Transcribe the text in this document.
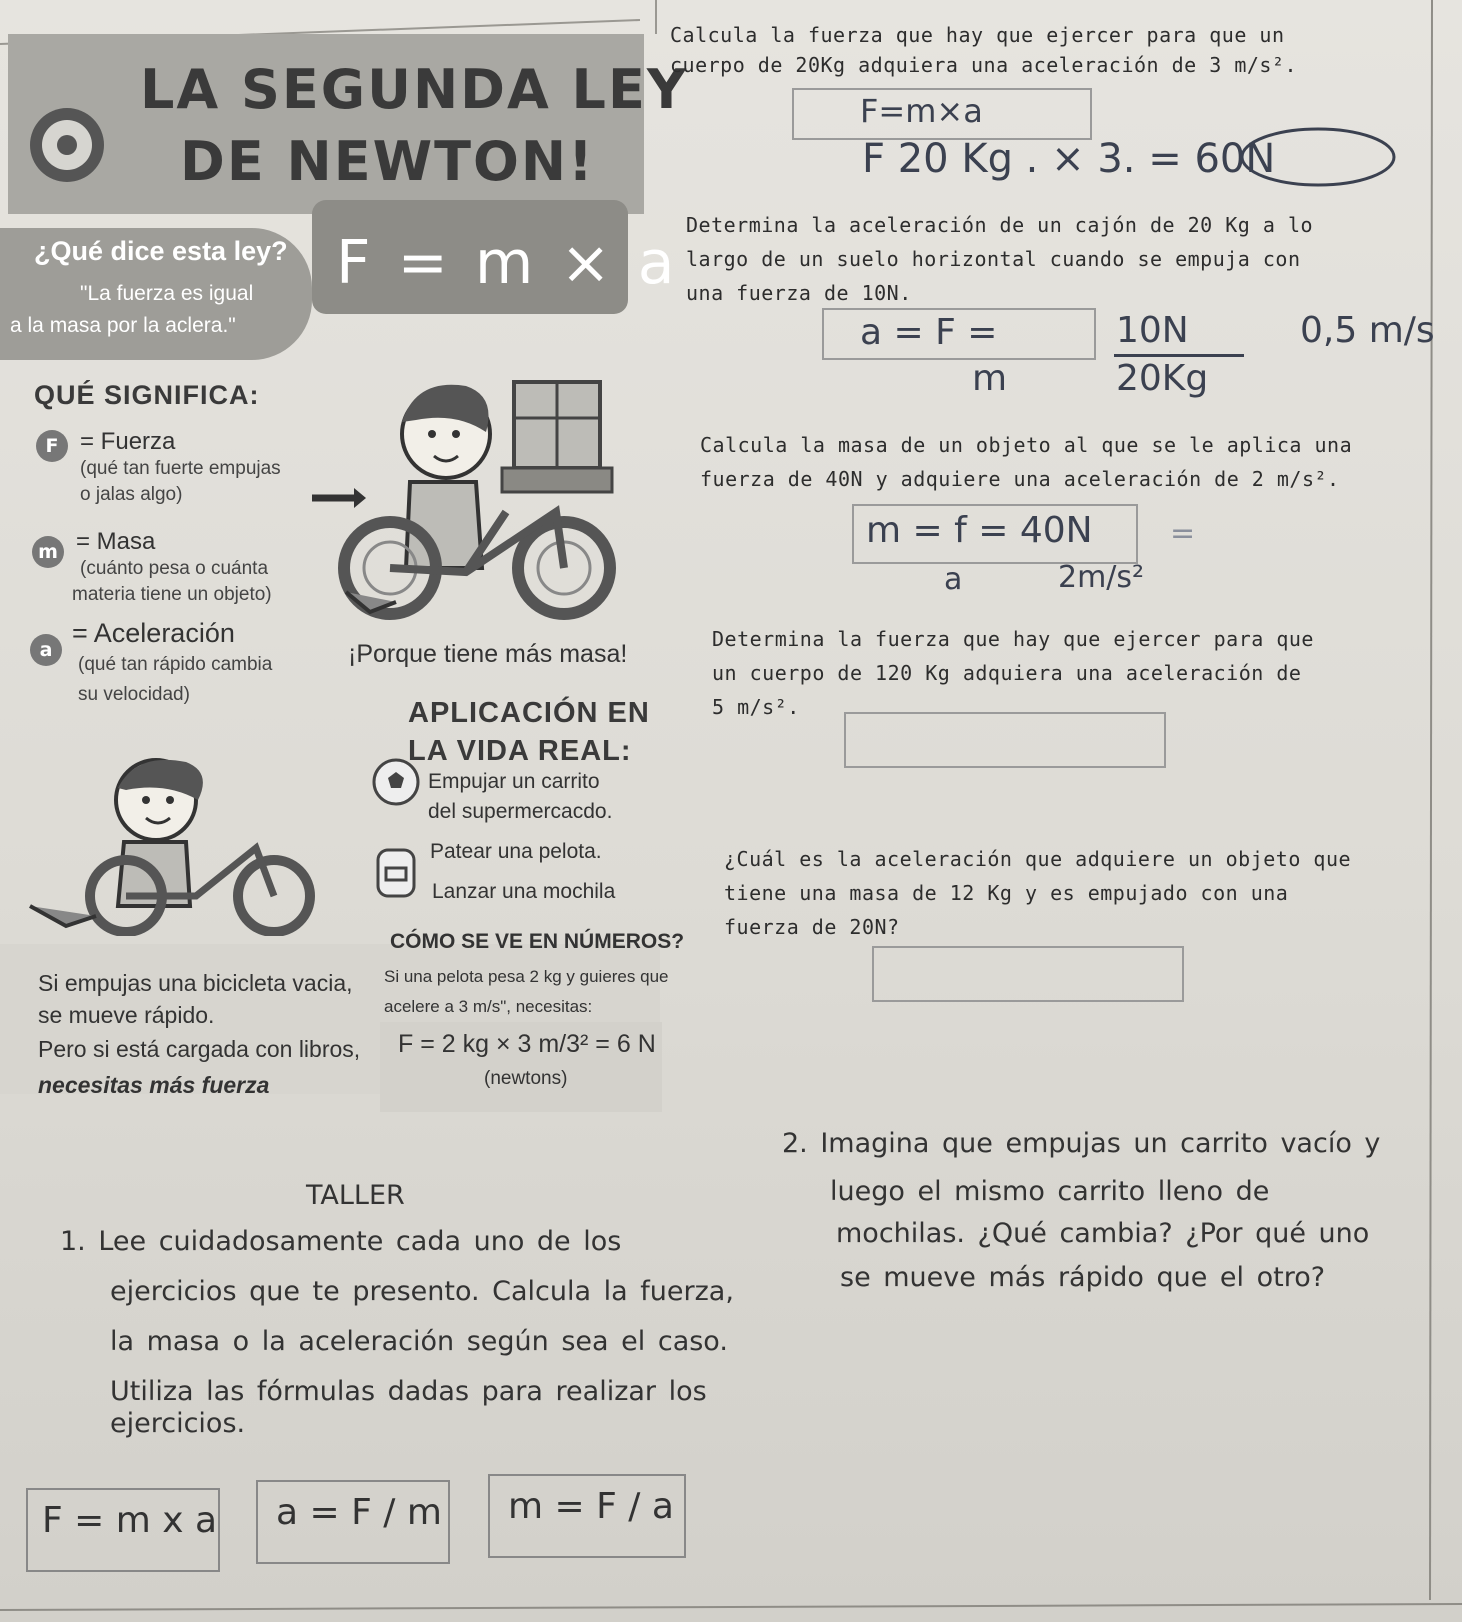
LA SEGUNDA LEY
DE NEWTON!
¿Qué dice esta ley?
"La fuerza es igual
a la masa por la aclera."
F = m × a
QUÉ SIGNIFICA:
F = Fuerza
(qué tan fuerte empujas
o jalas algo)
m = Masa
(cuánto pesa o cuánta
materia tiene un objeto)
a
= Aceleración
(qué tan rápido cambia
su velocidad)
¡Porque tiene más masa!
APLICACIÓN EN
LA VIDA REAL:
Empujar un carrito
del supermercacdo.
Patear una pelota.
Lanzar una mochila
Si empujas una bicicleta vacia,
se mueve rápido.
Pero si está cargada con libros,
necesitas más fuerza
CÓMO SE VE EN NÚMEROS?
Si una pelota pesa 2 kg y guieres que
acelere a 3 m/s", necesitas:
F = 2 kg × 3 m/3² = 6 N
(newtons)
Calcula la fuerza que hay que ejercer para que un
cuerpo de 20Kg adquiera una aceleración de 3 m/s².
F=m×a
F 20 Kg . × 3. = 60N
Determina la aceleración de un cajón de 20 Kg a lo
largo de un suelo horizontal cuando se empuja con
una fuerza de 10N.
a = F =
m
10N
20Kg
0,5 m/s
Calcula la masa de un objeto al que se le aplica una
fuerza de 40N y adquiere una aceleración de 2 m/s².
m = f = 40N
a	2m/s²
=
Determina la fuerza que hay que ejercer para que
un cuerpo de 120 Kg adquiera una aceleración de
5 m/s².
¿Cuál es la aceleración que adquiere un objeto que
tiene una masa de 12 Kg y es empujado con una
fuerza de 20N?
TALLER
1. Lee cuidadosamente cada uno de los
ejercicios que te presento. Calcula la fuerza,
la masa o la aceleración según sea el caso.
Utiliza las fórmulas dadas para realizar los
ejercicios.
2. Imagina que empujas un carrito vacío y
luego el mismo carrito lleno de
mochilas. ¿Qué cambia? ¿Por qué uno
se mueve más rápido que el otro?
F = m x a a = F / m m = F / a
